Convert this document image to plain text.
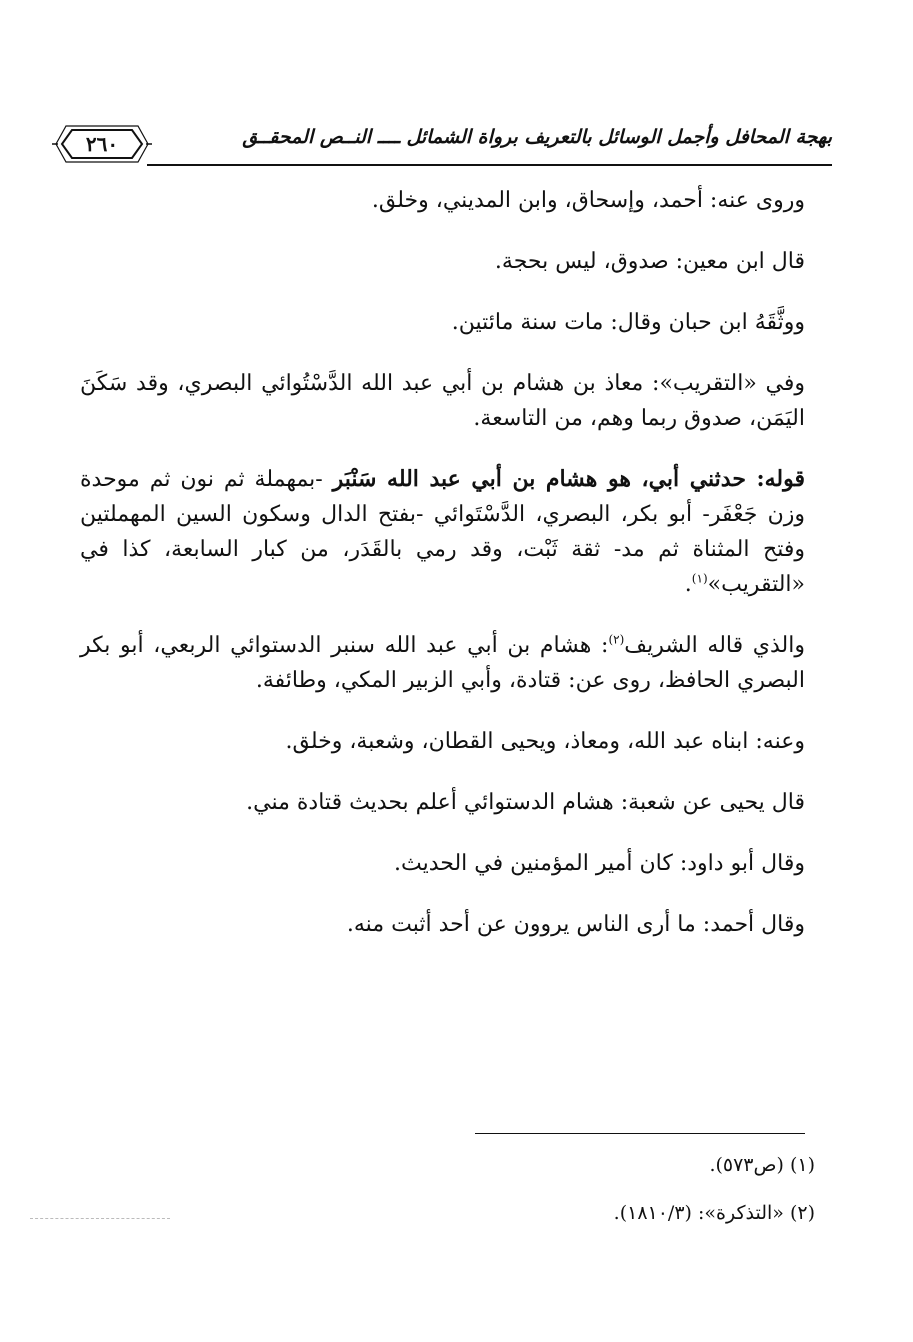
بهجة المحافل وأجمل الوسائل بالتعريف برواة الشمائل ــــ النــص المحقــق
٢٦٠

وروى عنه: أحمد، وإسحاق، وابن المديني، وخلق.

قال ابن معين: صدوق، ليس بحجة.

ووثَّقَهُ ابن حبان وقال: مات سنة مائتين.

وفي «التقريب»: معاذ بن هشام بن أبي عبد الله الدَّسْتُوائي البصري، وقد سَكَنَ اليَمَن، صدوق ربما وهم، من التاسعة.

قوله: حدثني أبي، هو هشام بن أبي عبد الله سَنْبَر -بمهملة ثم نون ثم موحدة وزن جَعْفَر- أبو بكر، البصري، الدَّسْتَوائي -بفتح الدال وسكون السين المهملتين وفتح المثناة ثم مد- ثقة ثَبْت، وقد رمي بالقَدَر، من كبار السابعة، كذا في «التقريب»$^{(١)}$.

والذي قاله الشريف$^{(٢)}$: هشام بن أبي عبد الله سنبر الدستوائي الربعي، أبو بكر البصري الحافظ، روى عن: قتادة، وأبي الزبير المكي، وطائفة.

وعنه: ابناه عبد الله، ومعاذ، ويحيى القطان، وشعبة، وخلق.

قال يحيى عن شعبة: هشام الدستوائي أعلم بحديث قتادة مني.

وقال أبو داود: كان أمير المؤمنين في الحديث.

وقال أحمد: ما أرى الناس يروون عن أحد أثبت منه.

(١) (ص٥٧٣).
(٢) «التذكرة»: (١٨١٠/٣).
